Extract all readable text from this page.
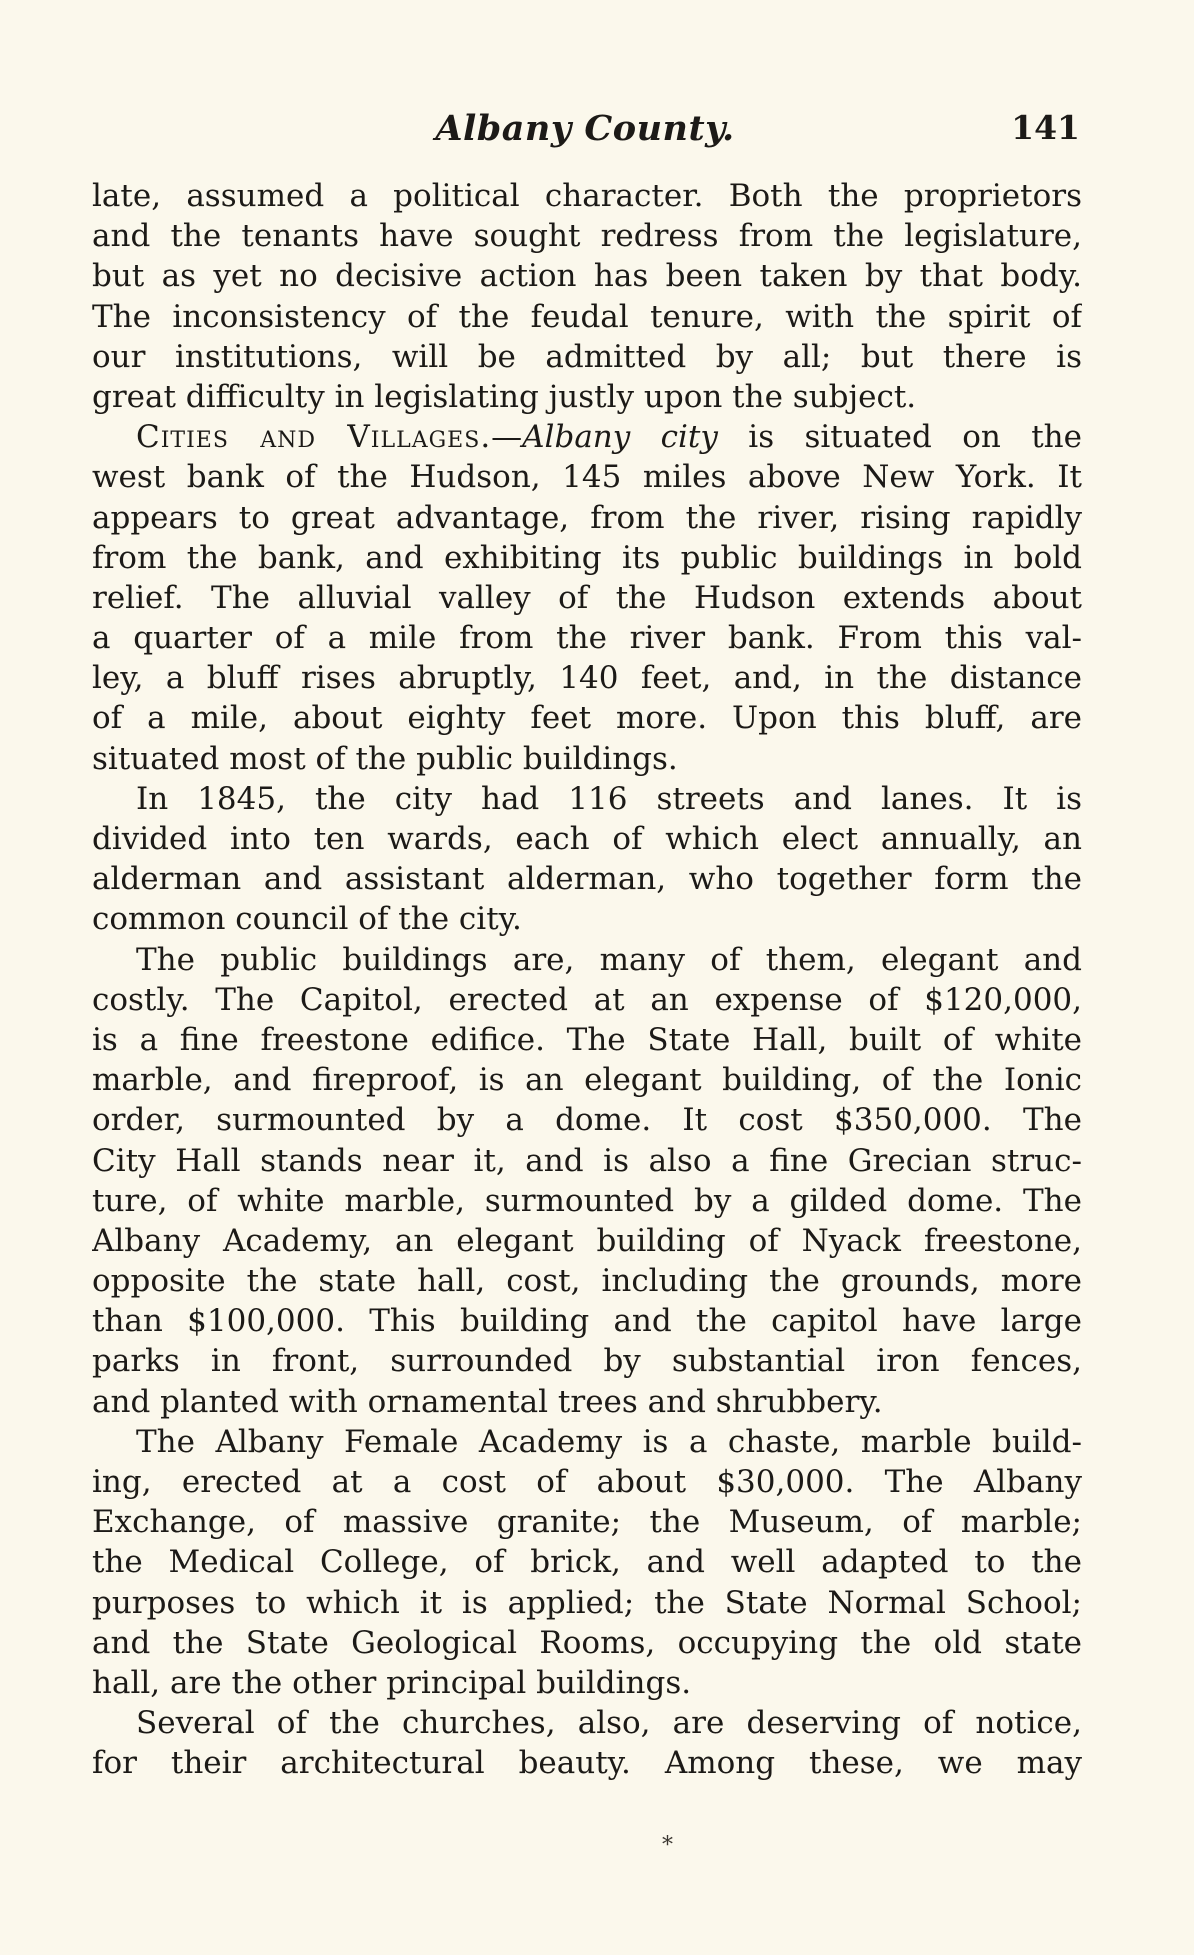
Albany County.	141
late, assumed a political character. Both the proprietors
and the tenants have sought redress from the legislature,
but as yet no decisive action has been taken by that body.
The inconsistency of the feudal tenure, with the spirit of
our institutions, will be admitted by all; but there is
great difficulty in legislating justly upon the subject.
Cities and Villages.—Albany city is situated on the
west bank of the Hudson, 145 miles above New York. It
appears to great advantage, from the river, rising rapidly
from the bank, and exhibiting its public buildings in bold
relief. The alluvial valley of the Hudson extends about
a quarter of a mile from the river bank. From this val-
ley, a bluff rises abruptly, 140 feet, and, in the distance
of a mile, about eighty feet more. Upon this bluff, are
situated most of the public buildings.
In 1845, the city had 116 streets and lanes. It is
divided into ten wards, each of which elect annually, an
alderman and assistant alderman, who together form the
common council of the city.
The public buildings are, many of them, elegant and
costly. The Capitol, erected at an expense of $120,000,
is a fine freestone edifice. The State Hall, built of white
marble, and fireproof, is an elegant building, of the Ionic
order, surmounted by a dome. It cost $350,000. The
City Hall stands near it, and is also a fine Grecian struc-
ture, of white marble, surmounted by a gilded dome. The
Albany Academy, an elegant building of Nyack freestone,
opposite the state hall, cost, including the grounds, more
than $100,000. This building and the capitol have large
parks in front, surrounded by substantial iron fences,
and planted with ornamental trees and shrubbery.
The Albany Female Academy is a chaste, marble build-
ing, erected at a cost of about $30,000. The Albany
Exchange, of massive granite; the Museum, of marble;
the Medical College, of brick, and well adapted to the
purposes to which it is applied; the State Normal School;
and the State Geological Rooms, occupying the old state
hall, are the other principal buildings.
Several of the churches, also, are deserving of notice,
for their architectural beauty. Among these, we may
*
